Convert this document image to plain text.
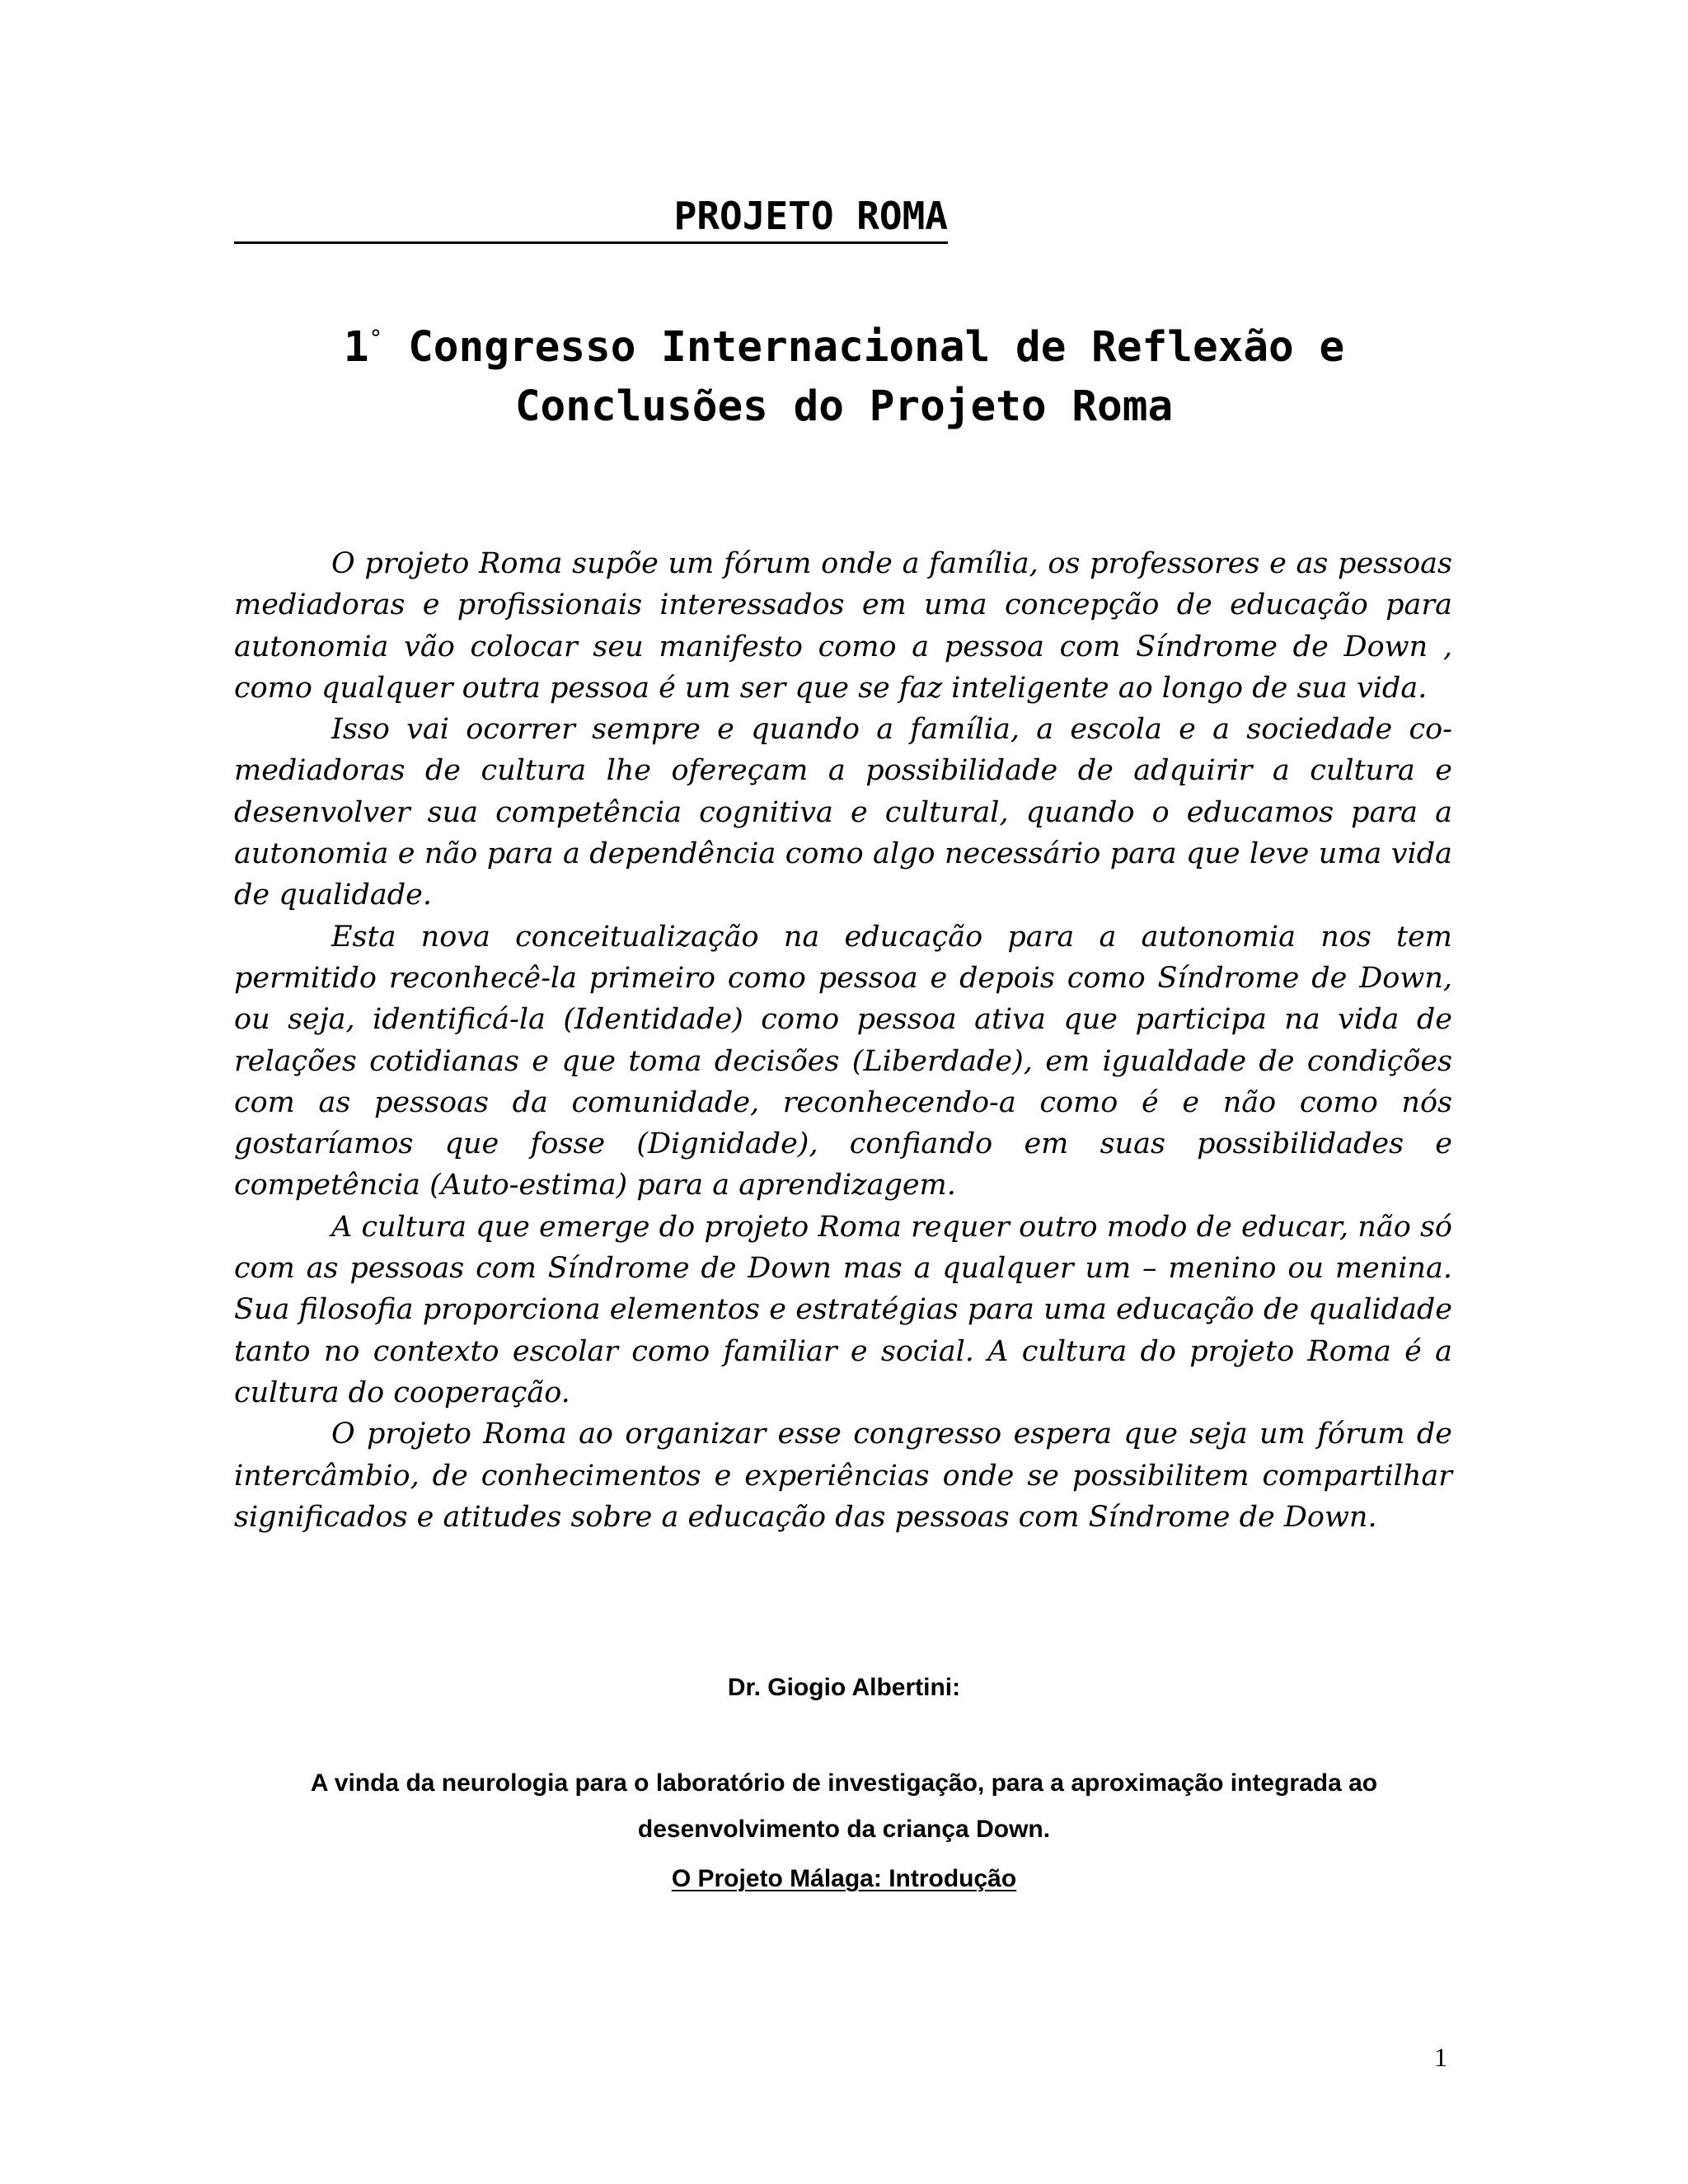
PROJETO ROMA
1° Congresso Internacional de Reflexão e
Conclusões do Projeto Roma

O projeto Roma supõe um fórum onde a família, os professores e as pessoas mediadoras e profissionais interessados em uma concepção de educação para autonomia vão colocar seu manifesto como a pessoa com Síndrome de Down , como qualquer outra pessoa é um ser que se faz inteligente ao longo de sua vida.

Isso vai ocorrer sempre e quando a família, a escola e a sociedade co-mediadoras de cultura lhe ofereçam a possibilidade de adquirir a cultura e desenvolver sua competência cognitiva e cultural, quando o educamos para a autonomia e não para a dependência como algo necessário para que leve uma vida de qualidade.

Esta nova conceitualização na educação para a autonomia nos tem permitido reconhecê-la primeiro como pessoa e depois como Síndrome de Down, ou seja, identificá-la (Identidade) como pessoa ativa que participa na vida de relações cotidianas e que toma decisões (Liberdade), em igualdade de condições com as pessoas da comunidade, reconhecendo-a como é e não como nós gostaríamos que fosse (Dignidade), confiando em suas possibilidades e competência (Auto-estima) para a aprendizagem.

A cultura que emerge do projeto Roma requer outro modo de educar, não só com as pessoas com Síndrome de Down mas a qualquer um – menino ou menina. Sua filosofia proporciona elementos e estratégias para uma educação de qualidade tanto no contexto escolar como familiar e social. A cultura do projeto Roma é a cultura do cooperação.

O projeto Roma ao organizar esse congresso espera que seja um fórum de intercâmbio, de conhecimentos e experiências onde se possibilitem compartilhar significados e atitudes sobre a educação das pessoas com Síndrome de Down.

Dr. Giogio Albertini:
A vinda da neurologia para o laboratório de investigação, para a aproximação integrada ao
desenvolvimento da criança Down.
O Projeto Málaga: Introdução
1
